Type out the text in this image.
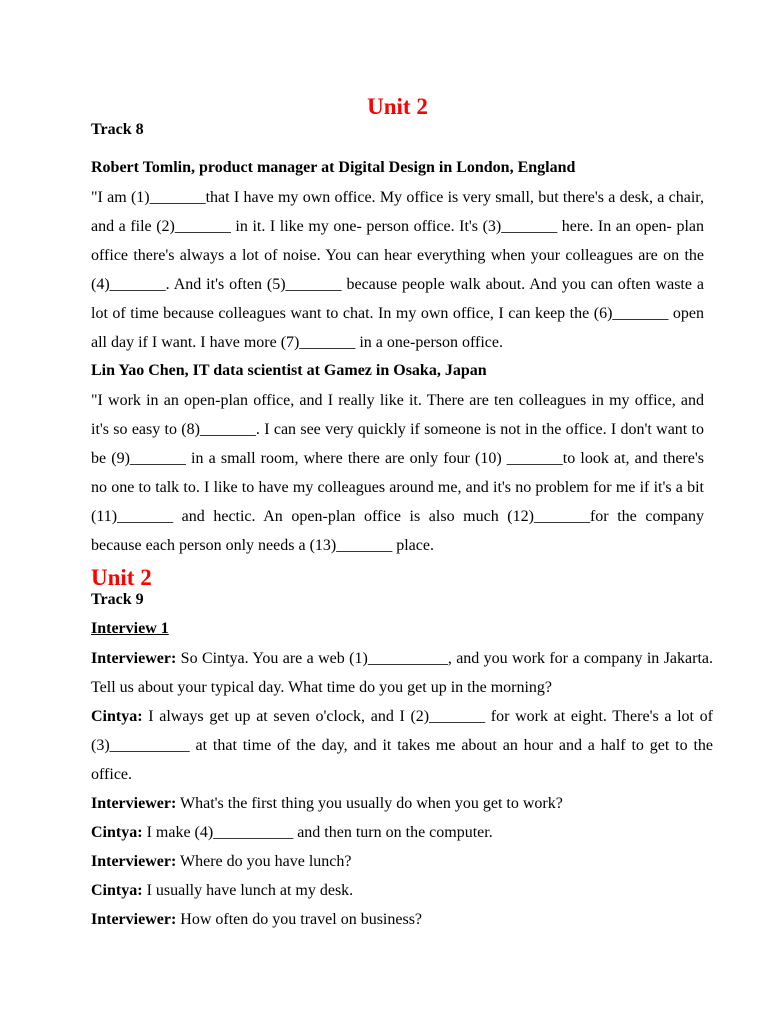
Unit 2

Track 8

Robert Tomlin, product manager at Digital Design in London, England

"I am (1)_______that I have my own office. My office is very small, but there's a desk, a chair, and a file (2)_______ in it. I like my one- person office. It's (3)_______ here. In an open- plan office there's always a lot of noise. You can hear everything when your colleagues are on the (4)_______. And it's often (5)_______ because people walk about. And you can often waste a lot of time because colleagues want to chat. In my own office, I can keep the (6)_______ open all day if I want. I have more (7)_______ in a one-person office.

Lin Yao Chen, IT data scientist at Gamez in Osaka, Japan

"I work in an open-plan office, and I really like it. There are ten colleagues in my office, and it's so easy to (8)_______. I can see very quickly if someone is not in the office. I don't want to be (9)_______ in a small room, where there are only four (10) _______to look at, and there's no one to talk to. I like to have my colleagues around me, and it's no problem for me if it's a bit (11)_______ and hectic. An open-plan office is also much (12)_______for the company because each person only needs a (13)_______ place.

Unit 2

Track 9

Interview 1

Interviewer: So Cintya. You are a web (1)__________, and you work for a company in Jakarta. Tell us about your typical day. What time do you get up in the morning?

Cintya: I always get up at seven o'clock, and I (2)_______ for work at eight. There's a lot of (3)__________ at that time of the day, and it takes me about an hour and a half to get to the office.

Interviewer: What's the first thing you usually do when you get to work?

Cintya: I make (4)__________ and then turn on the computer.

Interviewer: Where do you have lunch?

Cintya: I usually have lunch at my desk.

Interviewer: How often do you travel on business?
